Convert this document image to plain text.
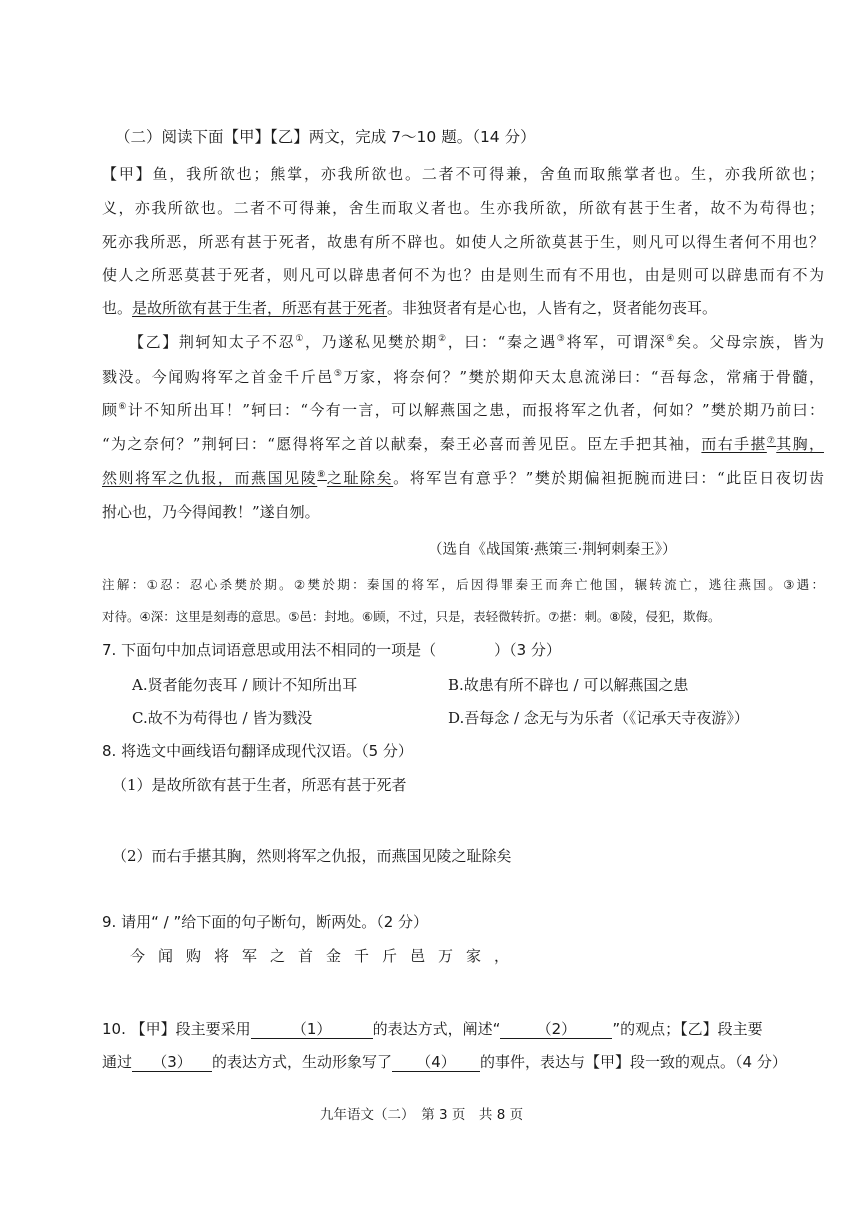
（二）阅读下面【甲】【乙】两文，完成 7～10 题。（14 分）
【甲】鱼，我所欲也；熊掌，亦我所欲也。二者不可得兼，舍鱼而取熊掌者也。生，亦我所欲也；
义，亦我所欲也。二者不可得兼，舍生而取义者也。生亦我所欲，所欲有甚于生者，故不为苟得也；
死亦我所恶，所恶有甚于死者，故患有所不辟也。如使人之所欲莫甚于生，则凡可以得生者何不用也？
使人之所恶莫甚于死者，则凡可以辟患者何不为也？由是则生而有不用也，由是则可以辟患而有不为
也。是故所欲有甚于生者，所恶有甚于死者。非独贤者有是心也，人皆有之，贤者能勿丧耳。
【乙】荆轲知太子不忍①，乃遂私见樊於期②，曰：“秦之遇③将军，可谓深④矣。父母宗族，皆为
戮没。今闻购将军之首金千斤邑⑤万家，将奈何？”樊於期仰天太息流涕曰：“吾每念，常痛于骨髓，
顾⑥计不知所出耳！”轲曰：“今有一言，可以解燕国之患，而报将军之仇者，何如？”樊於期乃前曰：
“为之奈何？”荆轲曰：“愿得将军之首以献秦，秦王必喜而善见臣。臣左手把其袖，而右手揕⑦其胸，
然则将军之仇报，而燕国见陵⑧之耻除矣。将军岂有意乎？”樊於期偏袒扼腕而进曰：“此臣日夜切齿
拊心也，乃今得闻教！”遂自刎。
（选自《战国策·燕策三·荆轲刺秦王》）
注解：①忍：忍心杀樊於期。②樊於期：秦国的将军，后因得罪秦王而奔亡他国，辗转流亡，逃往燕国。③遇：
对待。④深：这里是刻毒的意思。⑤邑：封地。⑥顾，不过，只是，表轻微转折。⑦揕：刺。⑧陵，侵犯，欺侮。
7. 下面句中加点词语意思或用法不相同的一项是（	）（3 分）
A.贤者能勿丧耳 / 顾计不知所出耳	B.故患有所不辟也 / 可以解燕国之患
C.故不为苟得也 / 皆为戮没	D.吾每念 / 念无与为乐者（《记承天寺夜游》）
8. 将选文中画线语句翻译成现代汉语。（5 分）
（1）是故所欲有甚于生者，所恶有甚于死者
（2）而右手揕其胸，然则将军之仇报，而燕国见陵之耻除矣
9. 请用“ / ”给下面的句子断句，断两处。（2 分）
今闻购将军之首金千斤邑万家，
10. 【甲】段主要采用	（1）	的表达方式，阐述“ （2） ”的观点；【乙】段主要
通过 （3） 的表达方式，生动形象写了 （4） 的事件，表达与【甲】段一致的观点。（4 分）
九年语文（二）　第 3 页　共 8 页
